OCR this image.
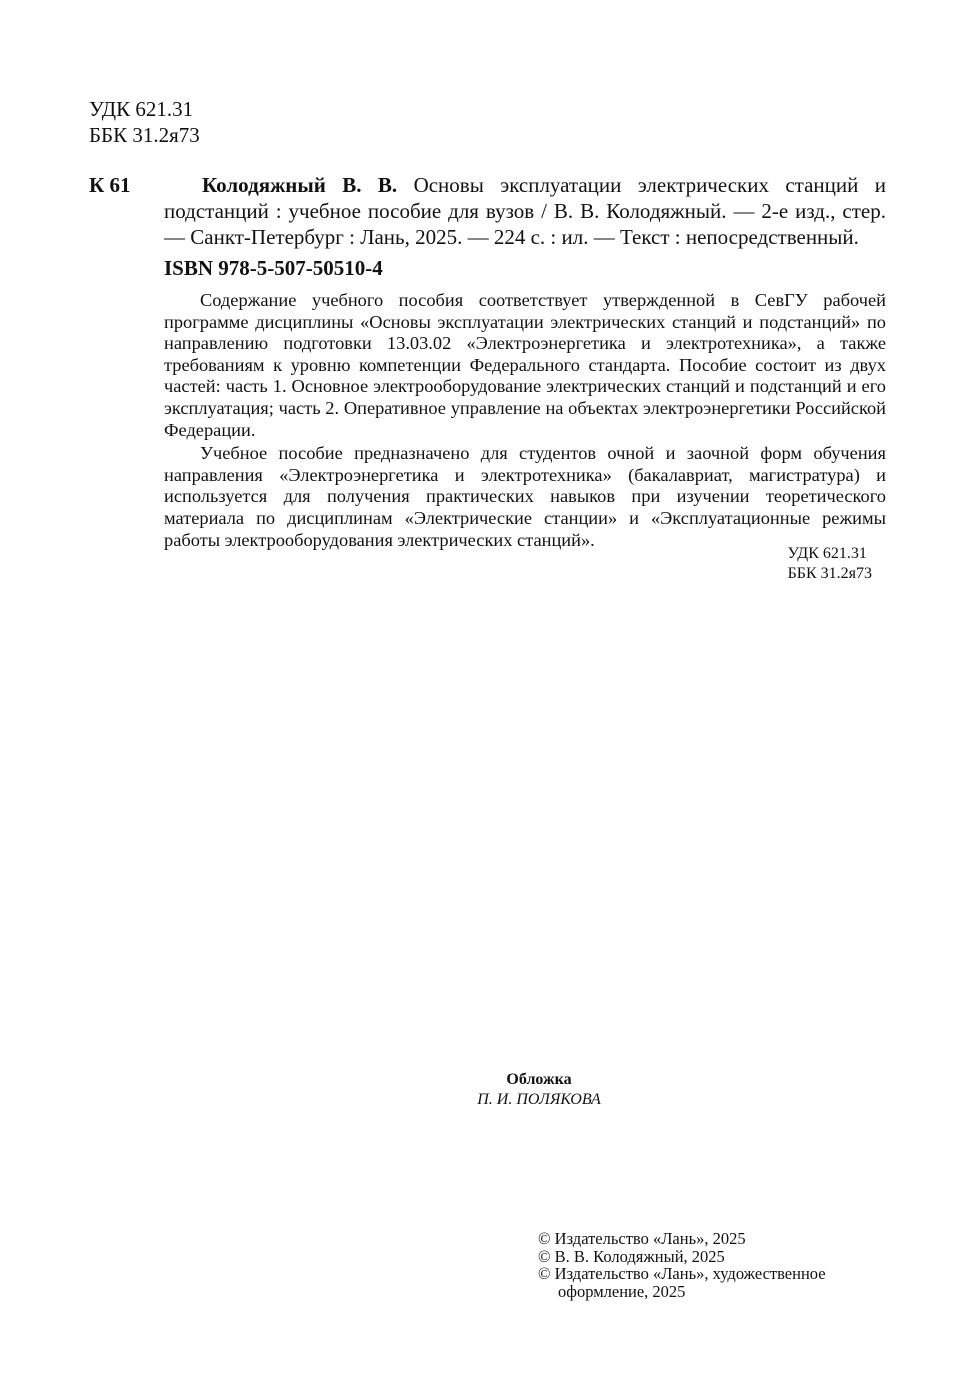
УДК 621.31
ББК 31.2я73
К 61	Колодяжный В. В. Основы эксплуатации электрических станций и подстанций : учебное пособие для вузов / В. В. Колодяжный. — 2-е изд., стер. — Санкт-Петербург : Лань, 2025. — 224 с. : ил. — Текст : непосредственный.

ISBN 978-5-507-50510-4

Содержание учебного пособия соответствует утвержденной в СевГУ рабочей программе дисциплины «Основы эксплуатации электрических станций и подстанций» по направлению подготовки 13.03.02 «Электроэнергетика и электротехника», а также требованиям к уровню компетенции Федерального стандарта. Пособие состоит из двух частей: часть 1. Основное электрооборудование электрических станций и подстанций и его эксплуатация; часть 2. Оперативное управление на объектах электроэнергетики Российской Федерации.

Учебное пособие предназначено для студентов очной и заочной форм обучения направления «Электроэнергетика и электротехника» (бакалавриат, магистратура) и используется для получения практических навыков при изучении теоретического материала по дисциплинам «Электрические станции» и «Эксплуатационные режимы работы электрооборудования электрических станций».

УДК 621.31
ББК 31.2я73
Обложка
П. И. ПОЛЯКОВА
© Издательство «Лань», 2025
© В. В. Колодяжный, 2025
© Издательство «Лань», художественное
оформление, 2025
